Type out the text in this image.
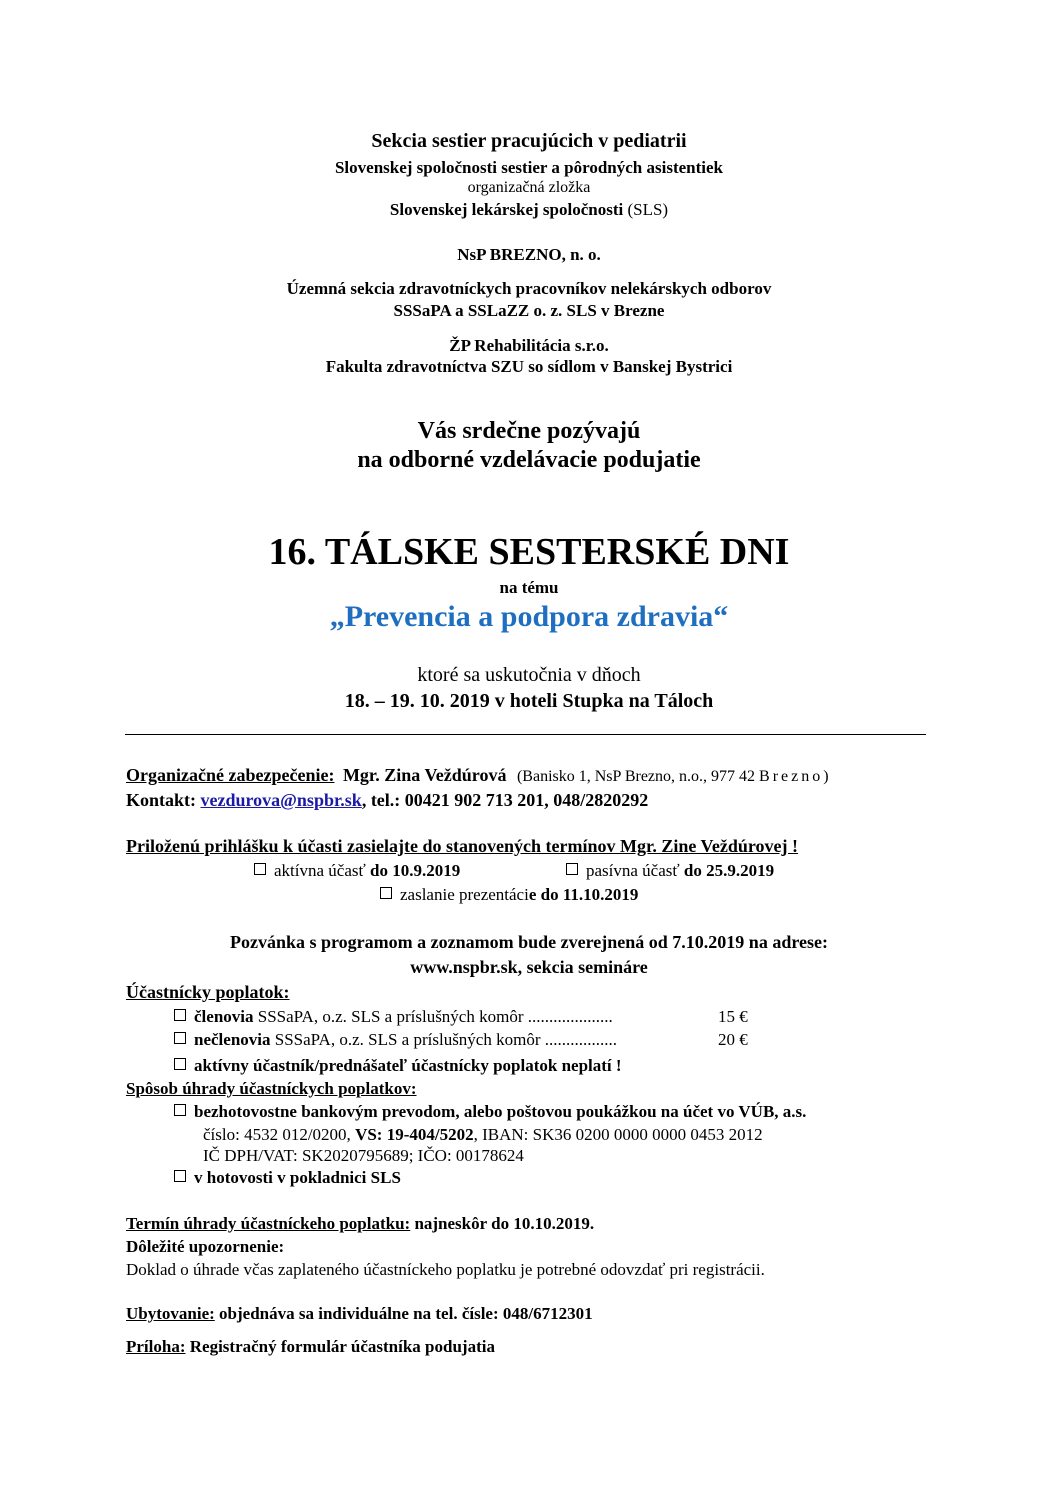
Sekcia sestier pracujúcich v pediatrii
Slovenskej spoločnosti sestier a pôrodných asistentiek
organizačná zložka
Slovenskej lekárskej spoločnosti (SLS)
NsP BREZNO, n. o.
Územná sekcia zdravotníckych pracovníkov nelekárskych odborov
SSSaPA a SSLaZZ o. z. SLS v Brezne
ŽP Rehabilitácia s.r.o.
Fakulta zdravotníctva SZU so sídlom v Banskej Bystrici
Vás srdečne pozývajú
na odborné vzdelávacie podujatie
16. TÁLSKE SESTERSKÉ DNI
na tému
„Prevencia a podpora zdravia“
ktoré sa uskutočnia v dňoch
18. – 19. 10. 2019 v hoteli Stupka na Táloch
Organizačné zabezpečenie: Mgr. Zina Veždúrová (Banisko 1, NsP Brezno, n.o., 977 42 Brezno)
Kontakt: vezdurova@nspbr.sk, tel.: 00421 902 713 201, 048/2820292
Priloženú prihlášku k účasti zasielajte do stanovených termínov Mgr. Zine Veždúrovej !
aktívna účasť do 10.9.2019	pasívna účasť do 25.9.2019
zaslanie prezentácie do 11.10.2019
Pozvánka s programom a zoznamom bude zverejnená od 7.10.2019 na adrese:
www.nspbr.sk, sekcia semináre
Účastnícky poplatok:
členovia SSSaPA, o.z. SLS a príslušných komôr ....................	15 €
nečlenovia SSSaPA, o.z. SLS a príslušných komôr .................	20 €
aktívny účastník/prednášateľ účastnícky poplatok neplatí !
Spôsob úhrady účastníckych poplatkov:
bezhotovostne bankovým prevodom, alebo poštovou poukážkou na účet vo VÚB, a.s.
číslo: 4532 012/0200, VS: 19-404/5202, IBAN: SK36 0200 0000 0000 0453 2012
IČ DPH/VAT: SK2020795689; IČO: 00178624
v hotovosti v pokladnici SLS
Termín úhrady účastníckeho poplatku: najneskôr do 10.10.2019.
Dôležité upozornenie:
Doklad o úhrade včas zaplateného účastníckeho poplatku je potrebné odovzdať pri registrácii.
Ubytovanie: objednáva sa individuálne na tel. čísle: 048/6712301
Príloha: Registračný formulár účastníka podujatia
